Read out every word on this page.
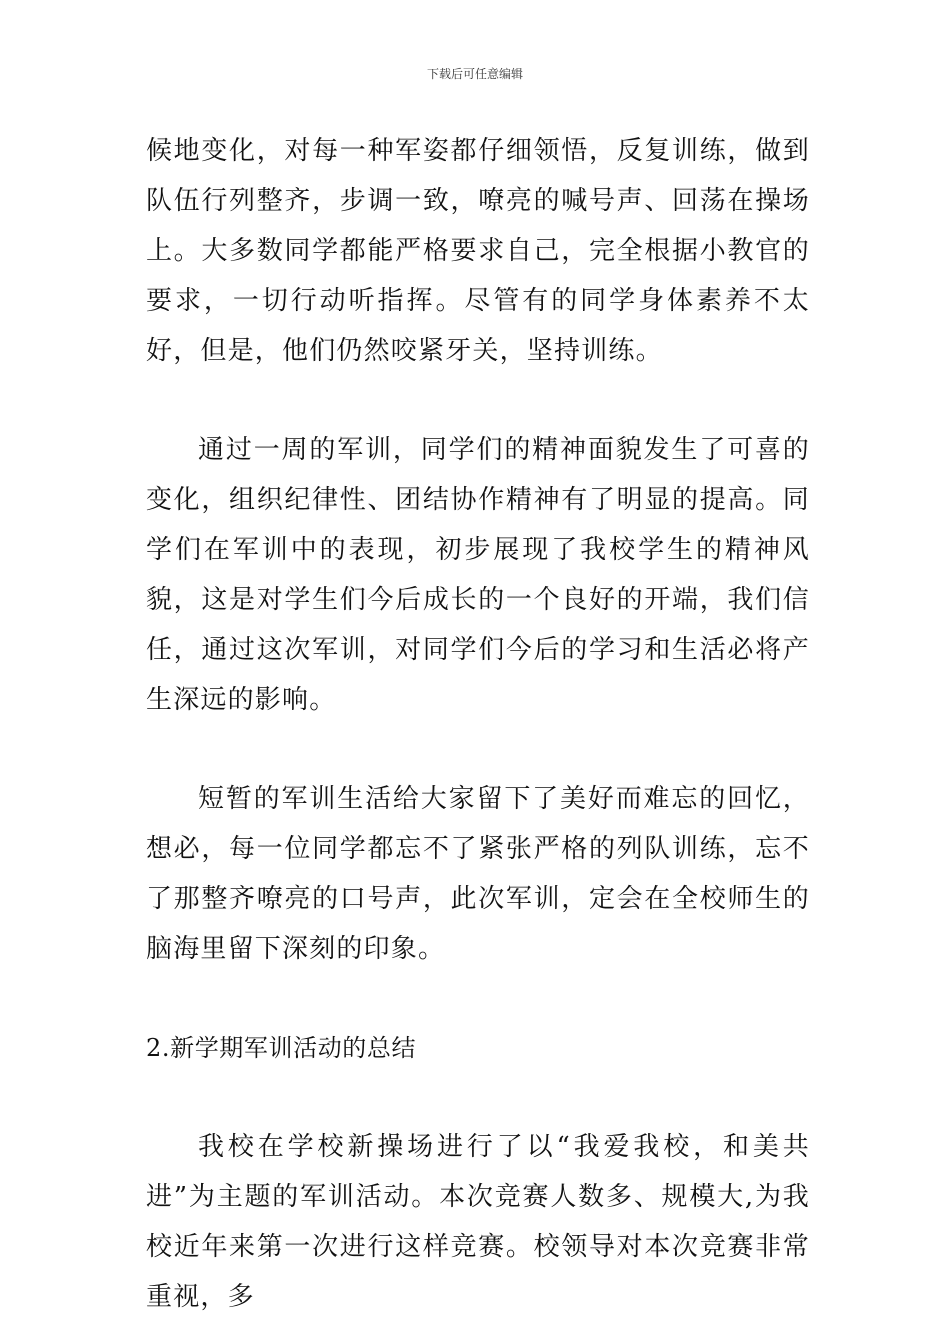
下载后可任意编辑

候地变化，对每一种军姿都仔细领悟，反复训练，做到队伍行列整齐，步调一致，嘹亮的喊号声、回荡在操场上。大多数同学都能严格要求自己，完全根据小教官的要求，一切行动听指挥。尽管有的同学身体素养不太好，但是，他们仍然咬紧牙关，坚持训练。

通过一周的军训，同学们的精神面貌发生了可喜的变化，组织纪律性、团结协作精神有了明显的提高。同学们在军训中的表现，初步展现了我校学生的精神风貌，这是对学生们今后成长的一个良好的开端，我们信任，通过这次军训，对同学们今后的学习和生活必将产生深远的影响。

短暂的军训生活给大家留下了美好而难忘的回忆，想必，每一位同学都忘不了紧张严格的列队训练，忘不了那整齐嘹亮的口号声，此次军训，定会在全校师生的脑海里留下深刻的印象。

2.新学期军训活动的总结

我校在学校新操场进行了以“我爱我校，和美共进”为主题的军训活动。本次竞赛人数多、规模大,为我校近年来第一次进行这样竞赛。校领导对本次竞赛非常重视，多
